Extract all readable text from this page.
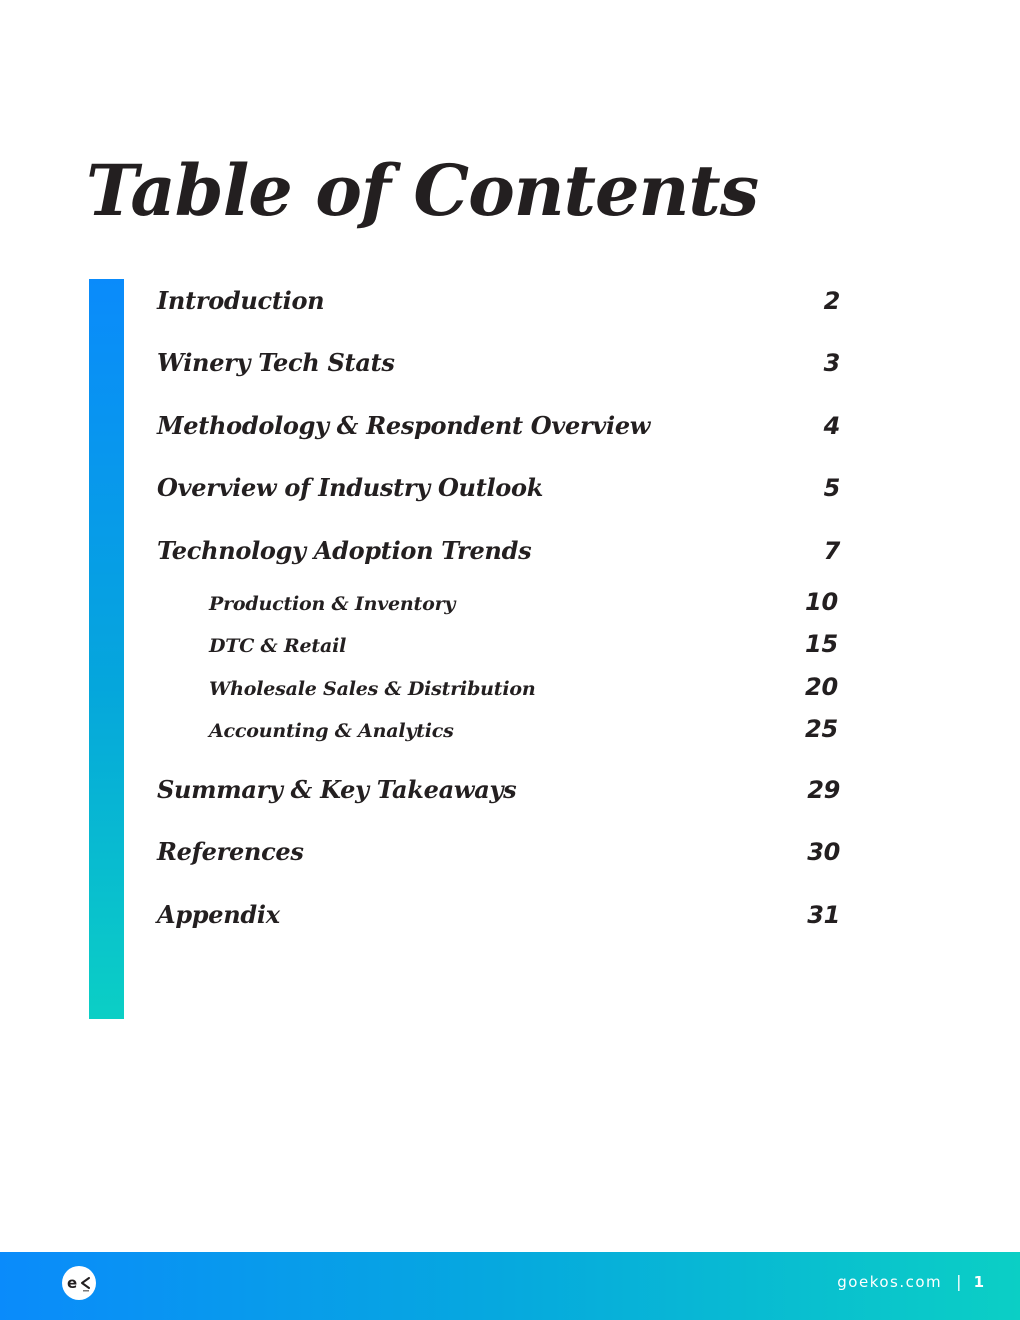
Table of Contents
Introduction	2
Winery Tech Stats	3
Methodology & Respondent Overview	4
Overview of Industry Outlook	5
Technology Adoption Trends	7
Production & Inventory	10
DTC & Retail	15
Wholesale Sales & Distribution	20
Accounting & Analytics	25
Summary & Key Takeaways	29
References	30
Appendix	31
e	goekos.com | 1
